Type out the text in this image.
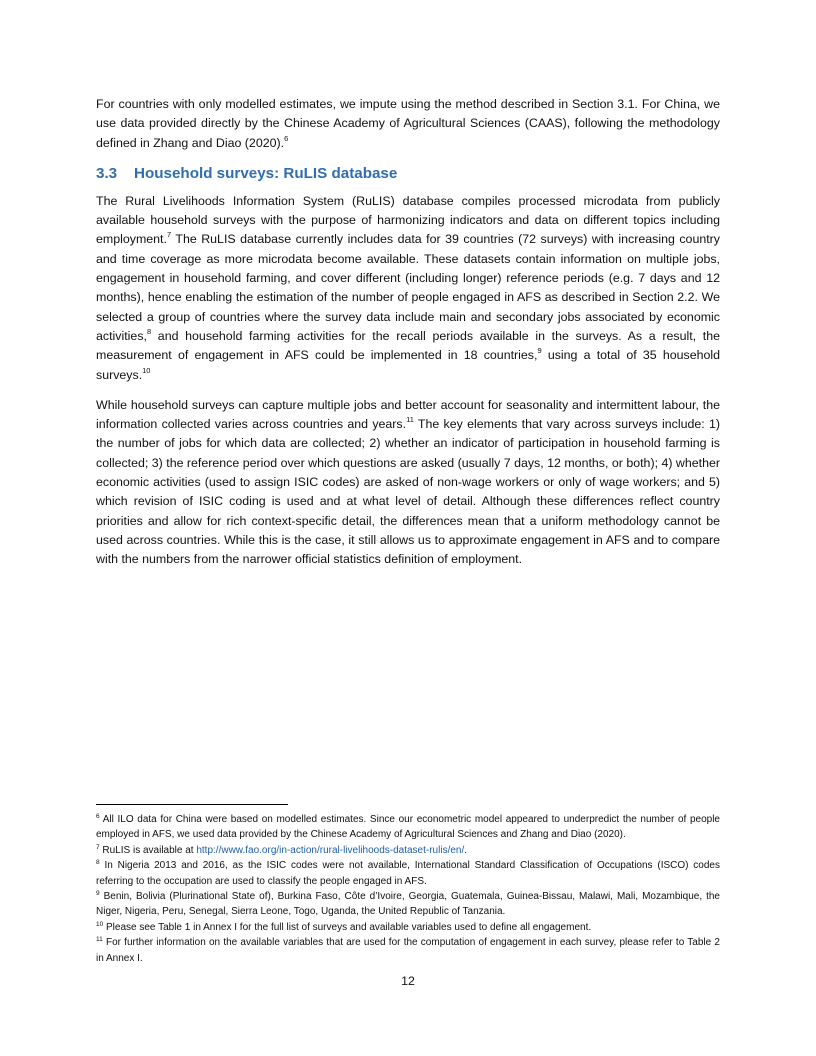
For countries with only modelled estimates, we impute using the method described in Section 3.1. For China, we use data provided directly by the Chinese Academy of Agricultural Sciences (CAAS), following the methodology defined in Zhang and Diao (2020).$^6$

3.3 Household surveys: RuLIS database

The Rural Livelihoods Information System (RuLIS) database compiles processed microdata from publicly available household surveys with the purpose of harmonizing indicators and data on different topics including employment.$^7$ The RuLIS database currently includes data for 39 countries (72 surveys) with increasing country and time coverage as more microdata become available. These datasets contain information on multiple jobs, engagement in household farming, and cover different (including longer) reference periods (e.g. 7 days and 12 months), hence enabling the estimation of the number of people engaged in AFS as described in Section 2.2. We selected a group of countries where the survey data include main and secondary jobs associated by economic activities,$^8$ and household farming activities for the recall periods available in the surveys. As a result, the measurement of engagement in AFS could be implemented in 18 countries,$^9$ using a total of 35 household surveys.$^{10}$

While household surveys can capture multiple jobs and better account for seasonality and intermittent labour, the information collected varies across countries and years.$^{11}$ The key elements that vary across surveys include: 1) the number of jobs for which data are collected; 2) whether an indicator of participation in household farming is collected; 3) the reference period over which questions are asked (usually 7 days, 12 months, or both); 4) whether economic activities (used to assign ISIC codes) are asked of non-wage workers or only of wage workers; and 5) which revision of ISIC coding is used and at what level of detail. Although these differences reflect country priorities and allow for rich context-specific detail, the differences mean that a uniform methodology cannot be used across countries. While this is the case, it still allows us to approximate engagement in AFS and to compare with the numbers from the narrower official statistics definition of employment.

$^6$ All ILO data for China were based on modelled estimates. Since our econometric model appeared to underpredict the number of people employed in AFS, we used data provided by the Chinese Academy of Agricultural Sciences and Zhang and Diao (2020).

$^7$ RuLIS is available at http://www.fao.org/in-action/rural-livelihoods-dataset-rulis/en/.

$^8$ In Nigeria 2013 and 2016, as the ISIC codes were not available, International Standard Classification of Occupations (ISCO) codes referring to the occupation are used to classify the people engaged in AFS.

$^9$ Benin, Bolivia (Plurinational State of), Burkina Faso, Côte d’Ivoire, Georgia, Guatemala, Guinea-Bissau, Malawi, Mali, Mozambique, the Niger, Nigeria, Peru, Senegal, Sierra Leone, Togo, Uganda, the United Republic of Tanzania.

$^{10}$ Please see Table 1 in Annex I for the full list of surveys and available variables used to define all engagement.

$^{11}$ For further information on the available variables that are used for the computation of engagement in each survey, please refer to Table 2 in Annex I.

12
